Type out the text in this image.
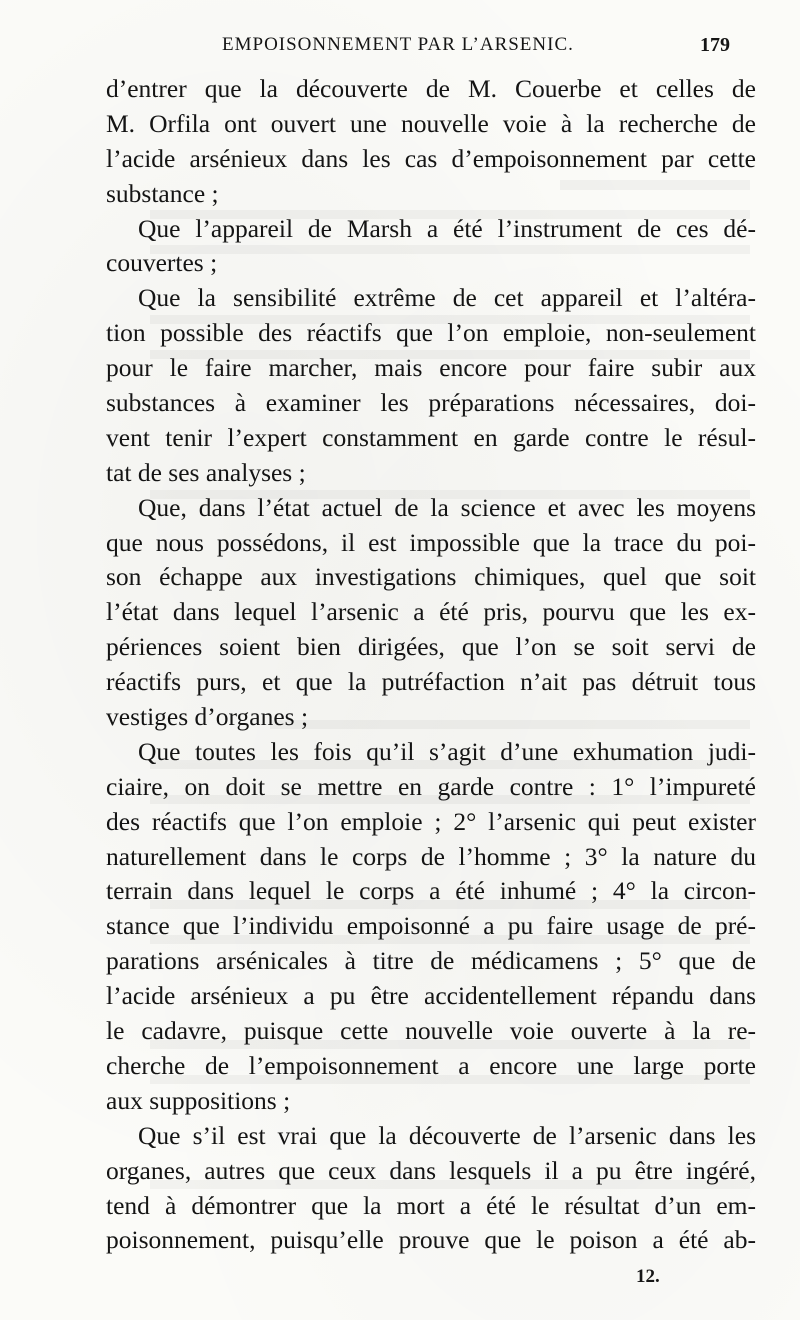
EMPOISONNEMENT PAR L’ARSENIC.	179
d’entrer que la découverte de M. Couerbe et celles de
M. Orfila ont ouvert une nouvelle voie à la recherche de
l’acide arsénieux dans les cas d’empoisonnement par cette
substance ;
Que l’appareil de Marsh a été l’instrument de ces dé-
couvertes ;
Que la sensibilité extrême de cet appareil et l’altéra-
tion possible des réactifs que l’on emploie, non-seulement
pour le faire marcher, mais encore pour faire subir aux
substances à examiner les préparations nécessaires, doi-
vent tenir l’expert constamment en garde contre le résul-
tat de ses analyses ;
Que, dans l’état actuel de la science et avec les moyens
que nous possédons, il est impossible que la trace du poi-
son échappe aux investigations chimiques, quel que soit
l’état dans lequel l’arsenic a été pris, pourvu que les ex-
périences soient bien dirigées, que l’on se soit servi de
réactifs purs, et que la putréfaction n’ait pas détruit tous
vestiges d’organes ;
Que toutes les fois qu’il s’agit d’une exhumation judi-
ciaire, on doit se mettre en garde contre : 1° l’impureté
des réactifs que l’on emploie ; 2° l’arsenic qui peut exister
naturellement dans le corps de l’homme ; 3° la nature du
terrain dans lequel le corps a été inhumé ; 4° la circon-
stance que l’individu empoisonné a pu faire usage de pré-
parations arsénicales à titre de médicamens ; 5° que de
l’acide arsénieux a pu être accidentellement répandu dans
le cadavre, puisque cette nouvelle voie ouverte à la re-
cherche de l’empoisonnement a encore une large porte
aux suppositions ;
Que s’il est vrai que la découverte de l’arsenic dans les
organes, autres que ceux dans lesquels il a pu être ingéré,
tend à démontrer que la mort a été le résultat d’un em-
poisonnement, puisqu’elle prouve que le poison a été ab-
12.
